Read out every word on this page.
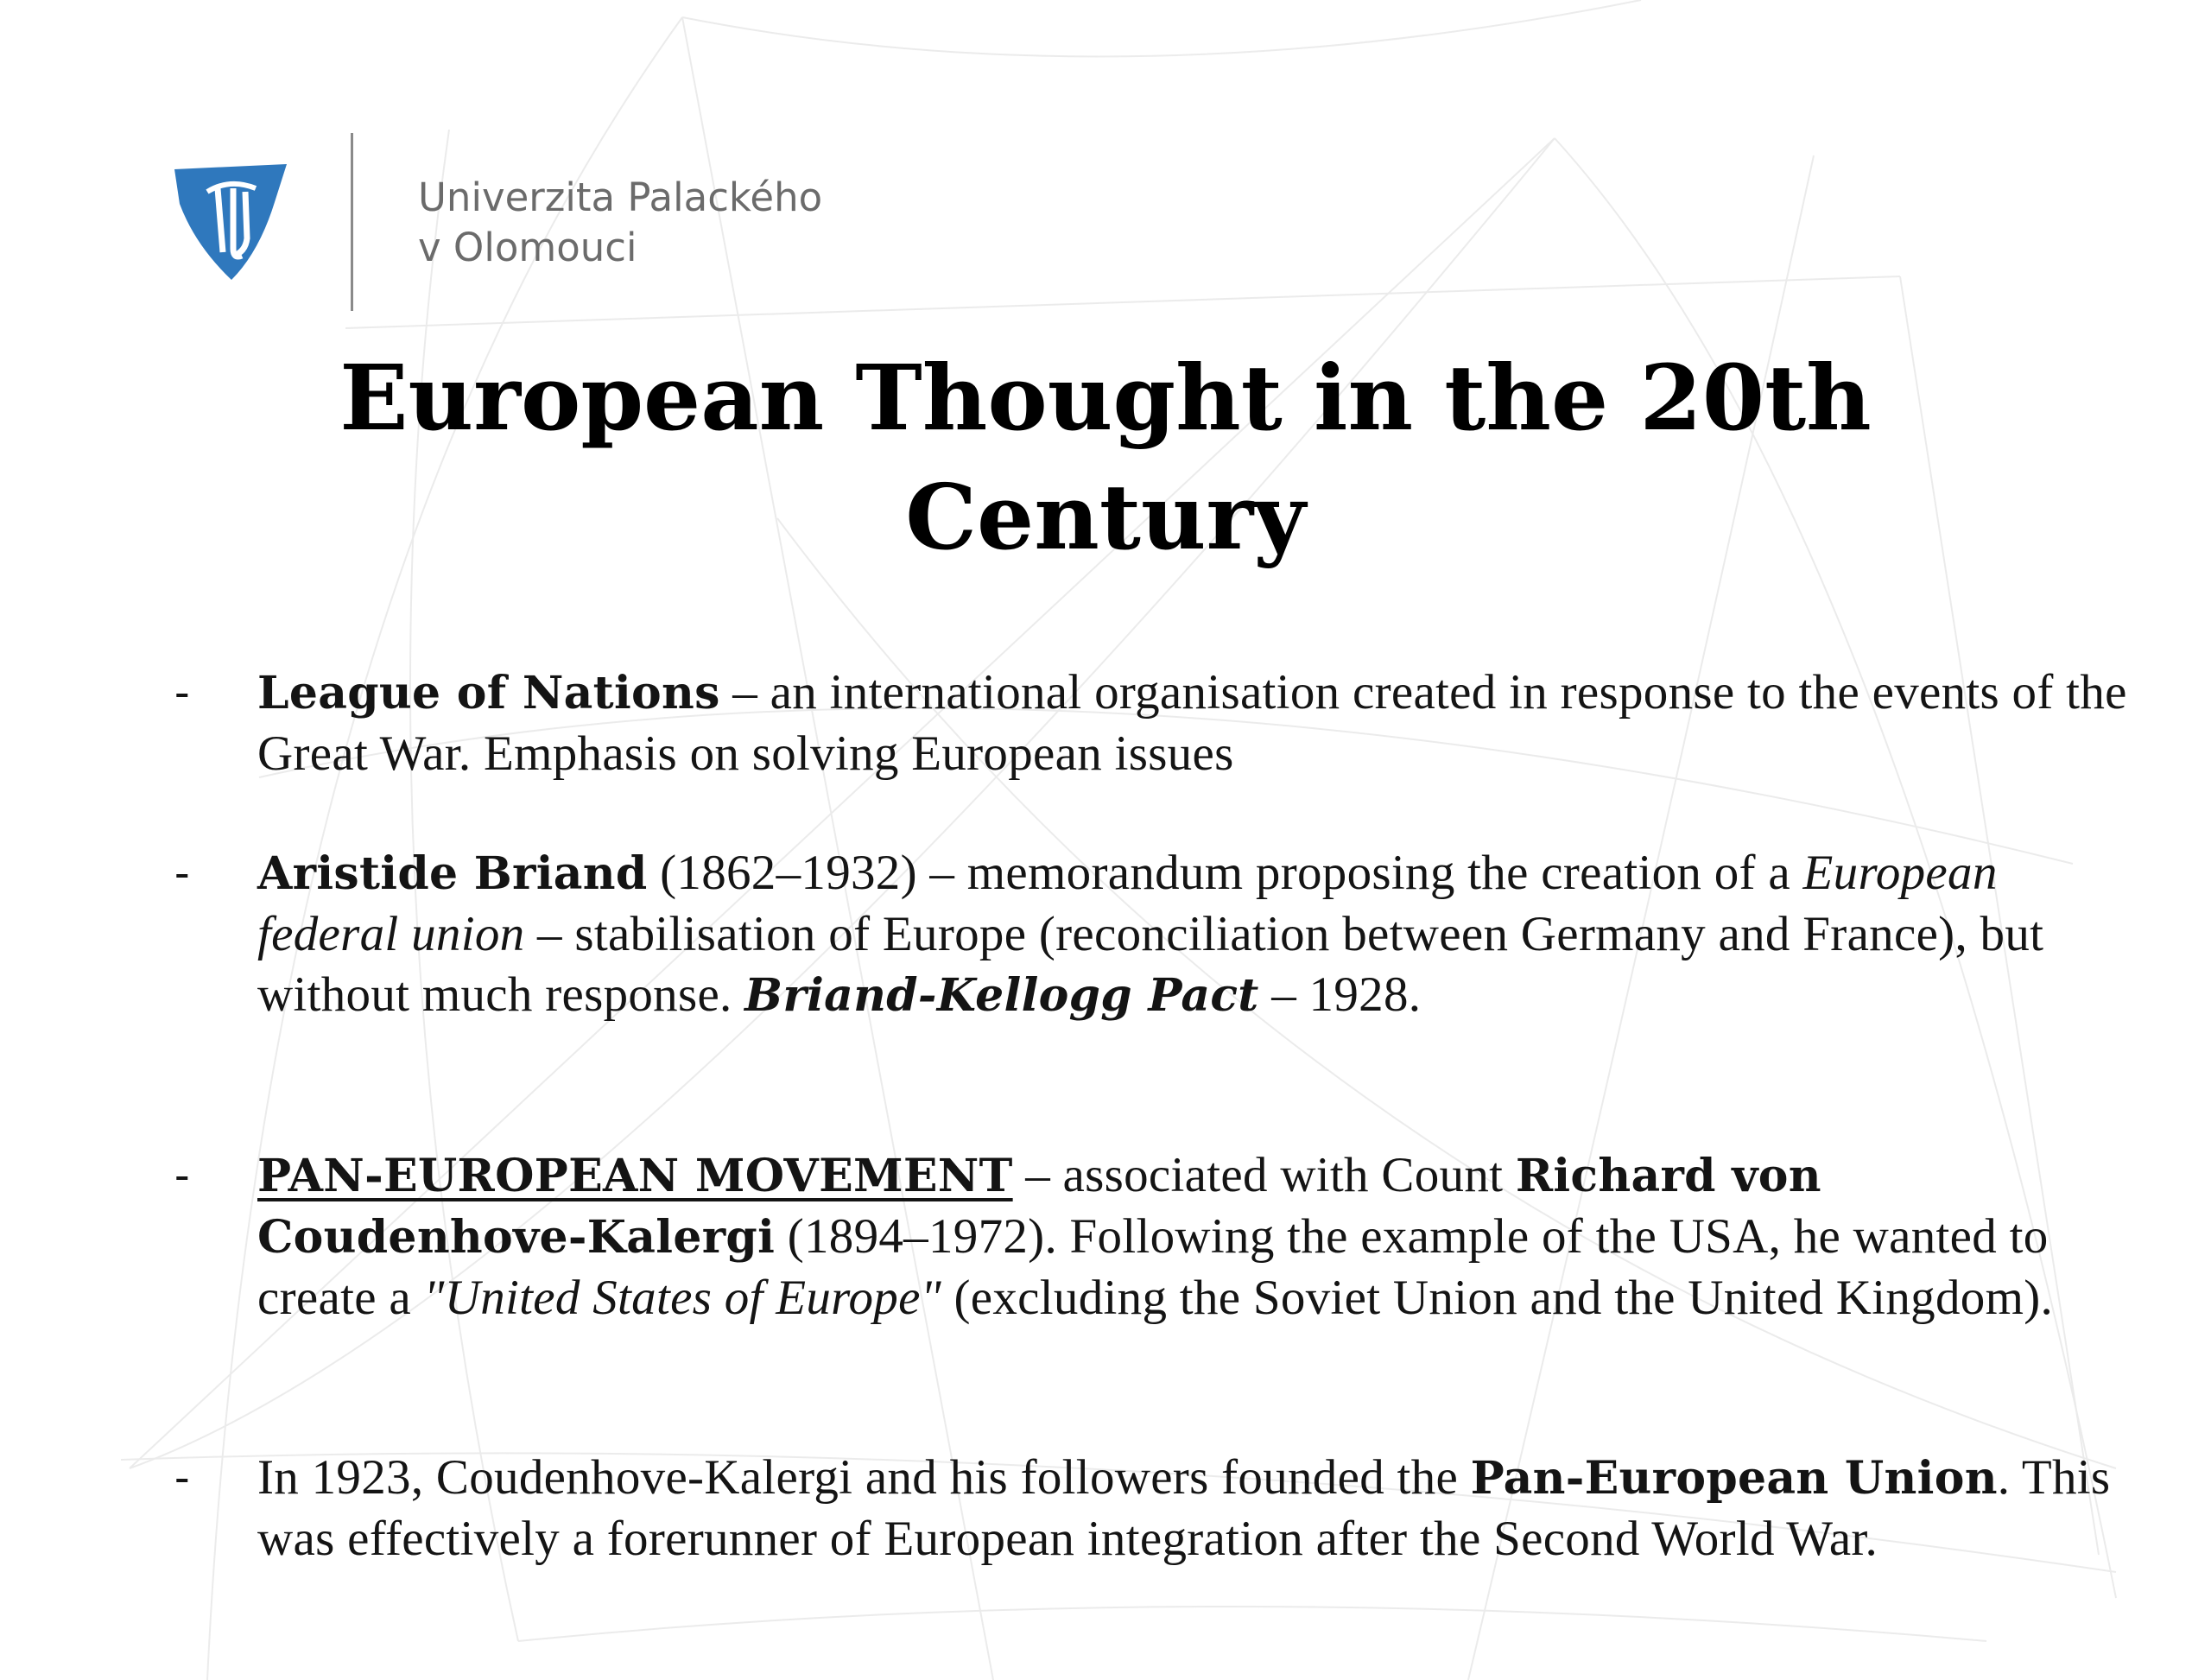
Univerzita Palackého
v Olomouci
European Thought in the 20th
Century
- League of Nations – an international organisation created in response to the events of the Great War. Emphasis on solving European issues
- Aristide Briand (1862–1932) – memorandum proposing the creation of a European federal union – stabilisation of Europe (reconciliation between Germany and France), but without much response. Briand-Kellogg Pact – 1928.
- PAN-EUROPEAN MOVEMENT – associated with Count Richard von Coudenhove-Kalergi (1894–1972). Following the example of the USA, he wanted to create a "United States of Europe" (excluding the Soviet Union and the United Kingdom).
- In 1923, Coudenhove-Kalergi and his followers founded the Pan-European Union. This was effectively a forerunner of European integration after the Second World War.
